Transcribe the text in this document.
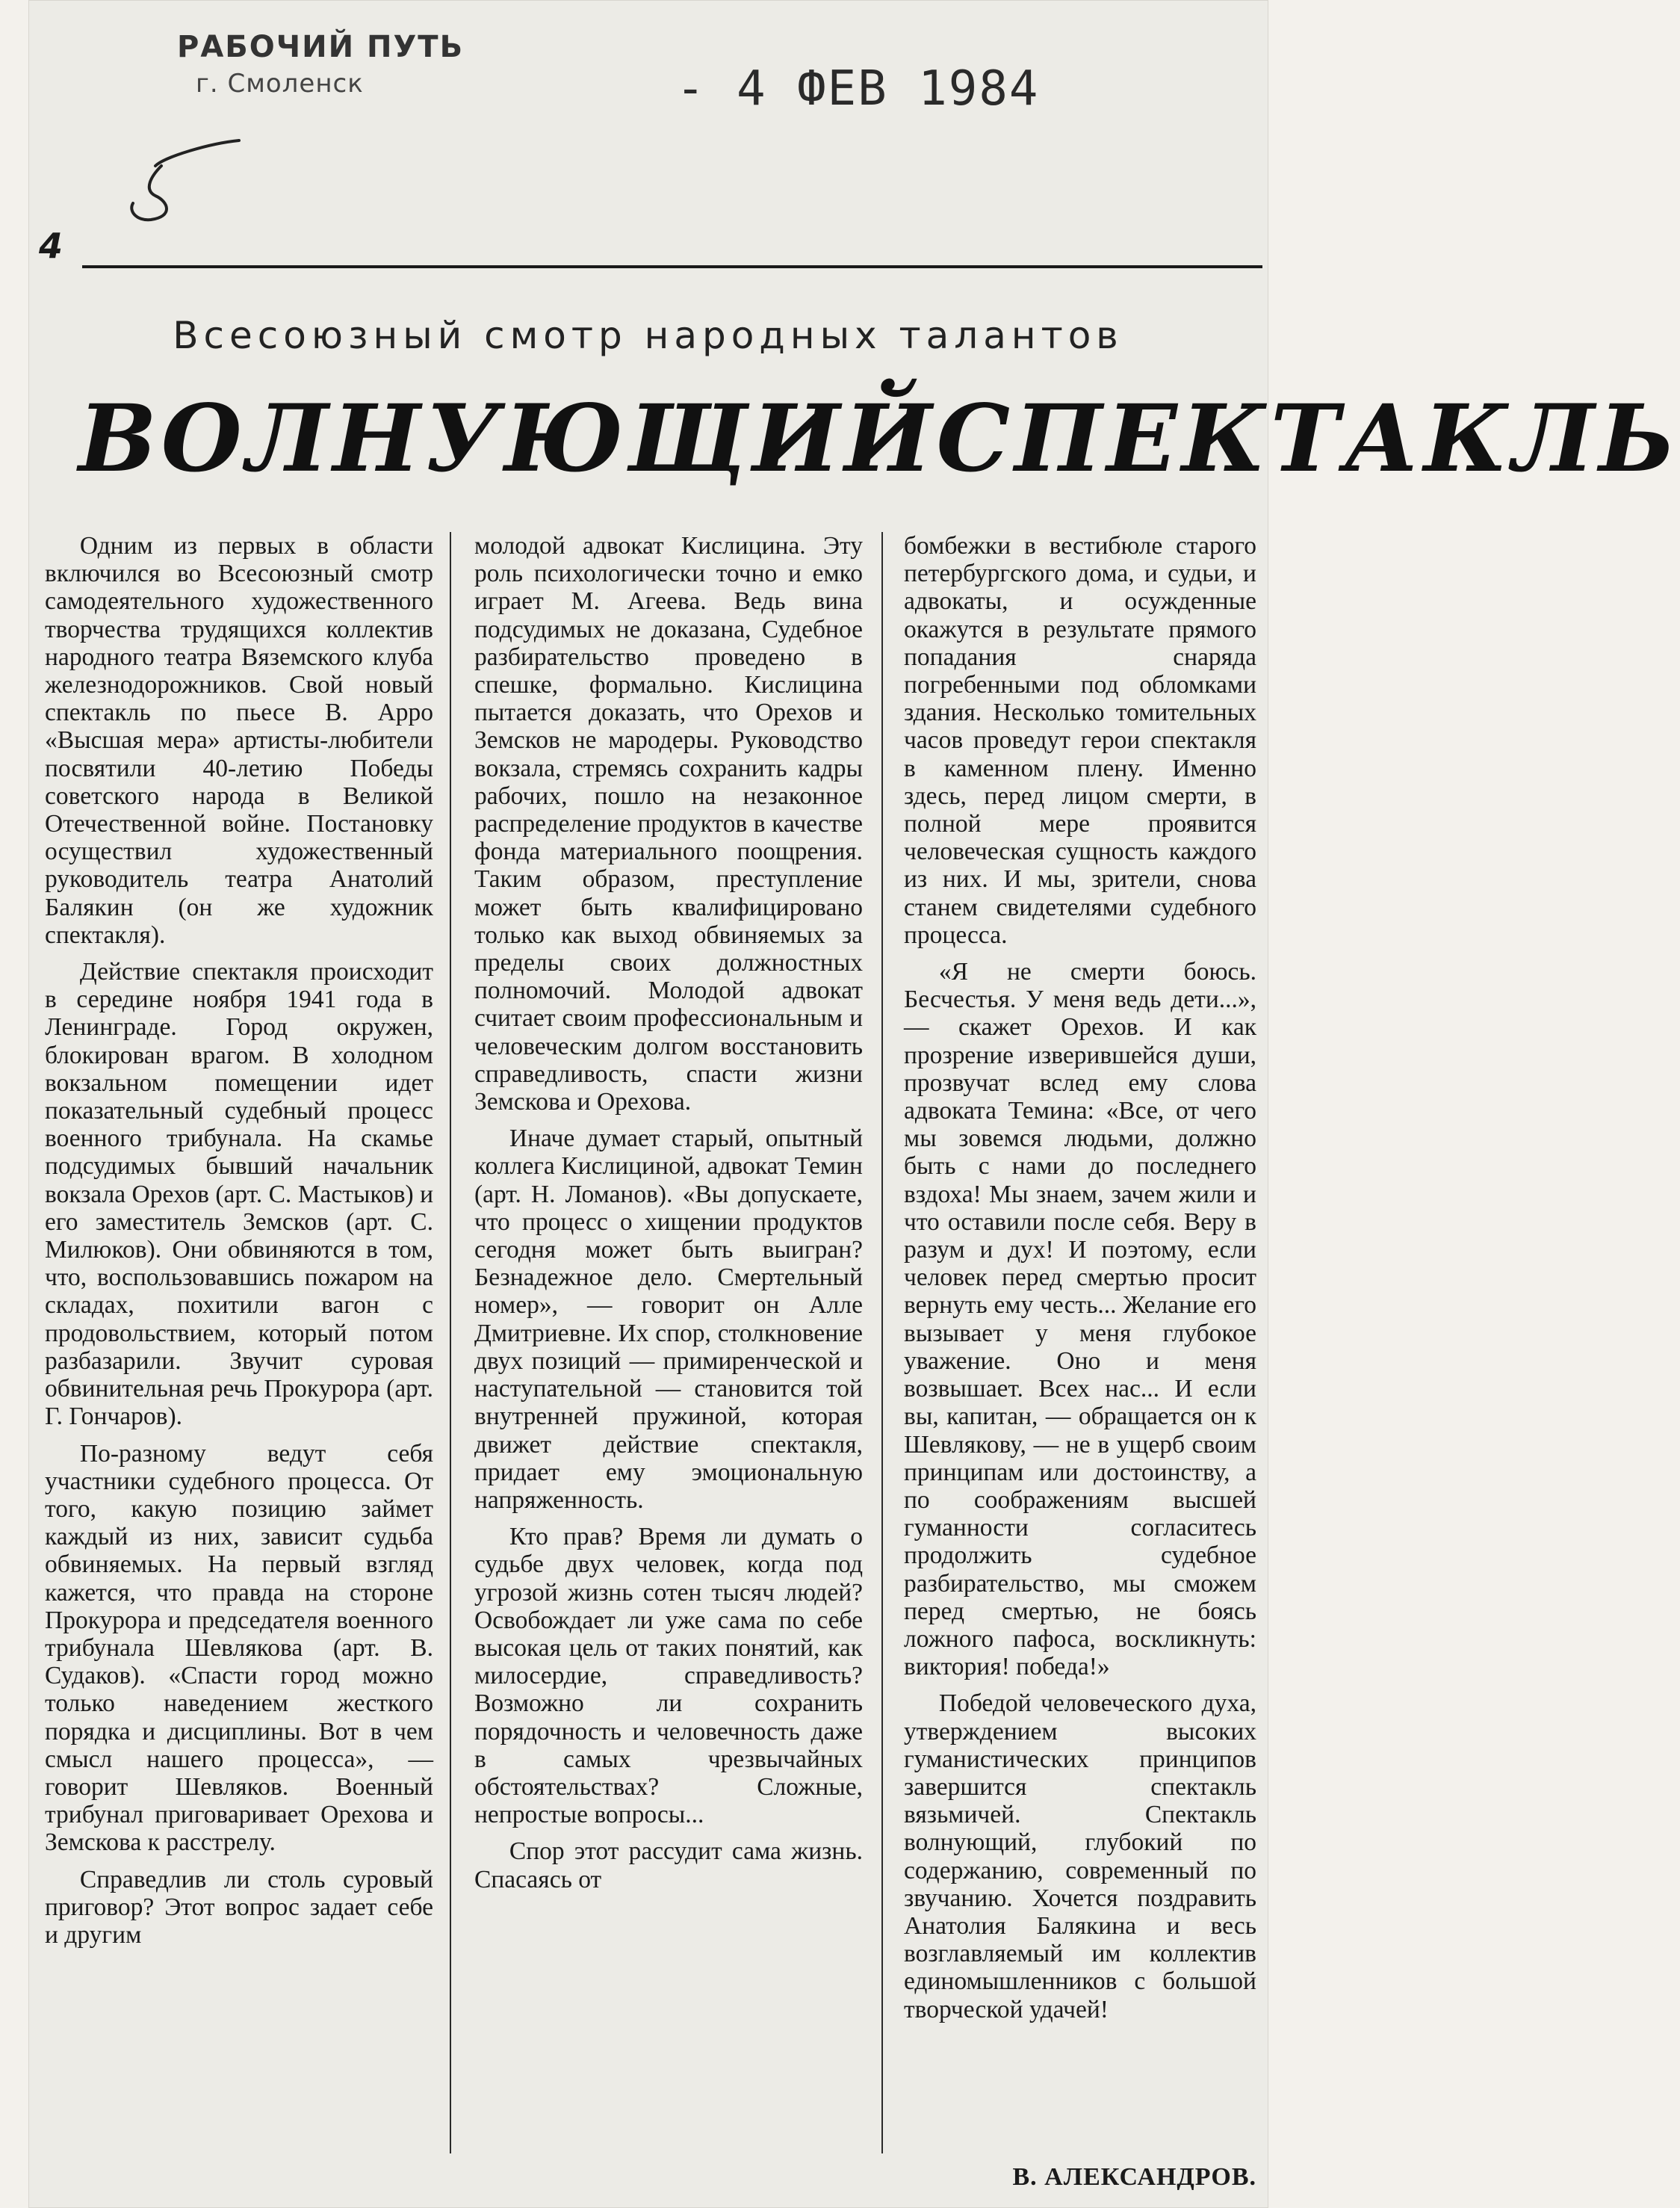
РАБОЧИЙ ПУТЬ
г. Смоленск	- 4 ФЕВ 1984
4
Всесоюзный смотр народных талантов
ВОЛНУЮЩИЙ СПЕКТАКЛЬ

Одним из первых в области включился во Всесоюзный смотр самодеятельного художественного творчества трудящихся коллектив народного театра Вяземского клуба железнодорожников. Свой новый спектакль по пьесе В. Арро «Высшая мера» артисты-любители посвятили 40-летию Победы советского народа в Великой Отечественной войне. Постановку осуществил художественный руководитель театра Анатолий Балякин (он же художник спектакля).

Действие спектакля происходит в середине ноября 1941 года в Ленинграде. Город окружен, блокирован врагом. В холодном вокзальном помещении идет показательный судебный процесс военного трибунала. На скамье подсудимых бывший начальник вокзала Орехов (арт. С. Мастыков) и его заместитель Земсков (арт. С. Милюков). Они обвиняются в том, что, воспользовавшись пожаром на складах, похитили вагон с продовольствием, который потом разбазарили. Звучит суровая обвинительная речь Прокурора (арт. Г. Гончаров).

По-разному ведут себя участники судебного процесса. От того, какую позицию займет каждый из них, зависит судьба обвиняемых. На первый взгляд кажется, что правда на стороне Прокурора и председателя военного трибунала Шевлякова (арт. В. Судаков). «Спасти город можно только наведением жесткого порядка и дисциплины. Вот в чем смысл нашего процесса», — говорит Шевляков. Военный трибунал приговаривает Орехова и Земскова к расстрелу.

Справедлив ли столь суровый приговор? Этот вопрос задает себе и другим

молодой адвокат Кислицина. Эту роль психологически точно и емко играет М. Агеева. Ведь вина подсудимых не доказана, Судебное разбирательство проведено в спешке, формально. Кислицина пытается доказать, что Орехов и Земсков не мародеры. Руководство вокзала, стремясь сохранить кадры рабочих, пошло на незаконное распределение продуктов в качестве фонда материального поощрения. Таким образом, преступление может быть квалифицировано только как выход обвиняемых за пределы своих должностных полномочий. Молодой адвокат считает своим профессиональным и человеческим долгом восстановить справедливость, спасти жизни Земскова и Орехова.

Иначе думает старый, опытный коллега Кислициной, адвокат Темин (арт. Н. Ломанов). «Вы допускаете, что процесс о хищении продуктов сегодня может быть выигран? Безнадежное дело. Смертельный номер», — говорит он Алле Дмитриевне. Их спор, столкновение двух позиций — примиренческой и наступательной — становится той внутренней пружиной, которая движет действие спектакля, придает ему эмоциональную напряженность.

Кто прав? Время ли думать о судьбе двух человек, когда под угрозой жизнь сотен тысяч людей? Освобождает ли уже сама по себе высокая цель от таких понятий, как милосердие, справедливость? Возможно ли сохранить порядочность и человечность даже в самых чрезвычайных обстоятельствах? Сложные, непростые вопросы...

Спор этот рассудит сама жизнь. Спасаясь от

бомбежки в вестибюле старого петербургского дома, и судьи, и адвокаты, и осужденные окажутся в результате прямого попадания снаряда погребенными под обломками здания. Несколько томительных часов проведут герои спектакля в каменном плену. Именно здесь, перед лицом смерти, в полной мере проявится человеческая сущность каждого из них. И мы, зрители, снова станем свидетелями судебного процесса.

«Я не смерти боюсь. Бесчестья. У меня ведь дети...», — скажет Орехов. И как прозрение изверившейся души, прозвучат вслед ему слова адвоката Темина: «Все, от чего мы зовемся людьми, должно быть с нами до последнего вздоха! Мы знаем, зачем жили и что оставили после себя. Веру в разум и дух! И поэтому, если человек перед смертью просит вернуть ему честь... Желание его вызывает у меня глубокое уважение. Оно и меня возвышает. Всех нас... И если вы, капитан, — обращается он к Шевлякову, — не в ущерб своим принципам или достоинству, а по соображениям высшей гуманности согласитесь продолжить судебное разбирательство, мы сможем перед смертью, не боясь ложного пафоса, воскликнуть: виктория! победа!»

Победой человеческого духа, утверждением высоких гуманистических принципов завершится спектакль вязьмичей. Спектакль волнующий, глубокий по содержанию, современный по звучанию. Хочется поздравить Анатолия Балякина и весь возглавляемый им коллектив единомышленников с большой творческой удачей!

В. АЛЕКСАНДРОВ.
